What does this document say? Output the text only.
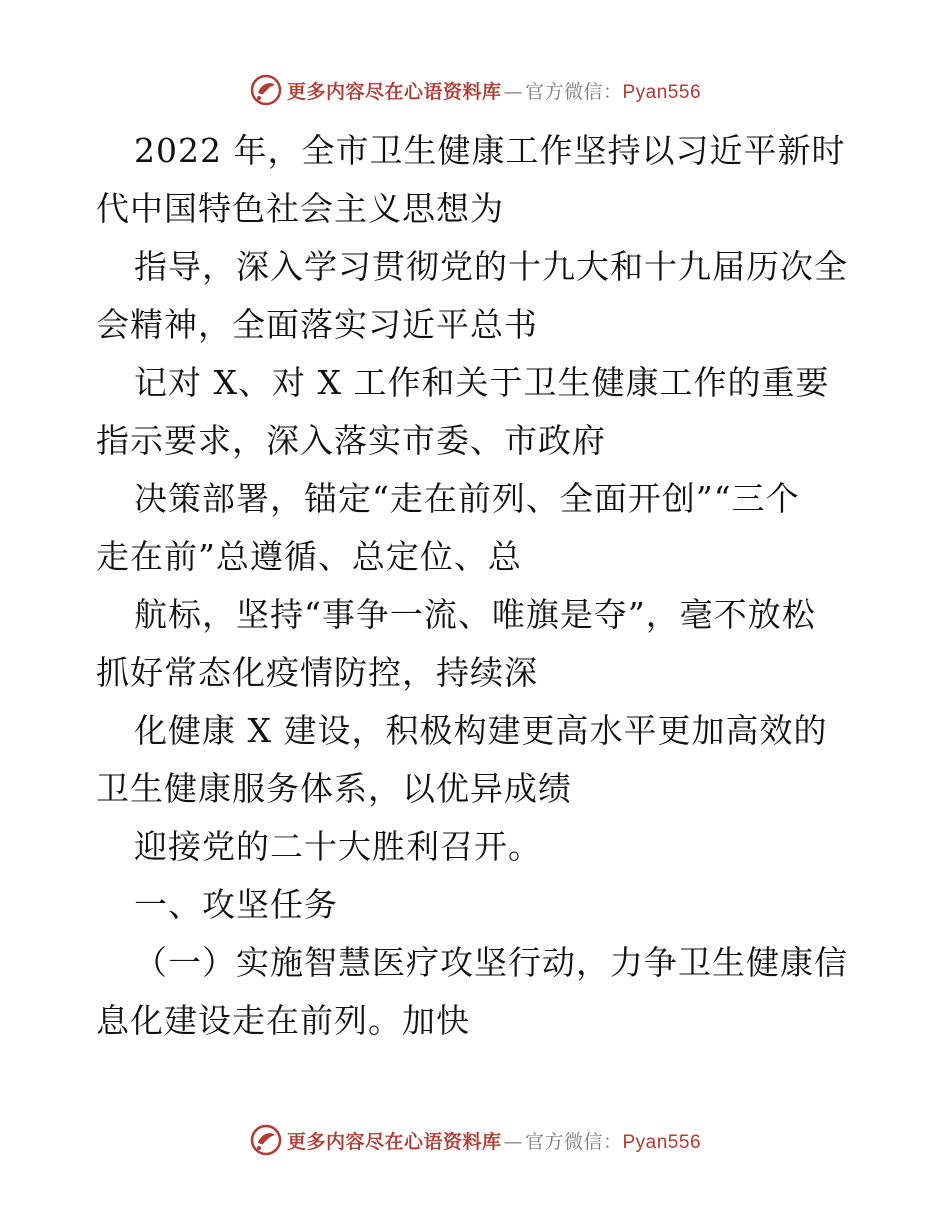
更多内容尽在心语资料库 — 官方微信：Pyan556

2022 年，全市卫生健康工作坚持以习近平新时

代中国特色社会主义思想为

指导，深入学习贯彻党的十九大和十九届历次全

会精神，全面落实习近平总书

记对 X、对 X 工作和关于卫生健康工作的重要

指示要求，深入落实市委、市政府

决策部署，锚定“走在前列、全面开创”“三个

走在前”总遵循、总定位、总

航标，坚持“事争一流、唯旗是夺”，毫不放松

抓好常态化疫情防控，持续深

化健康 X 建设，积极构建更高水平更加高效的

卫生健康服务体系，以优异成绩

迎接党的二十大胜利召开。

一、攻坚任务

（一）实施智慧医疗攻坚行动，力争卫生健康信

息化建设走在前列。加快

更多内容尽在心语资料库 — 官方微信：Pyan556
